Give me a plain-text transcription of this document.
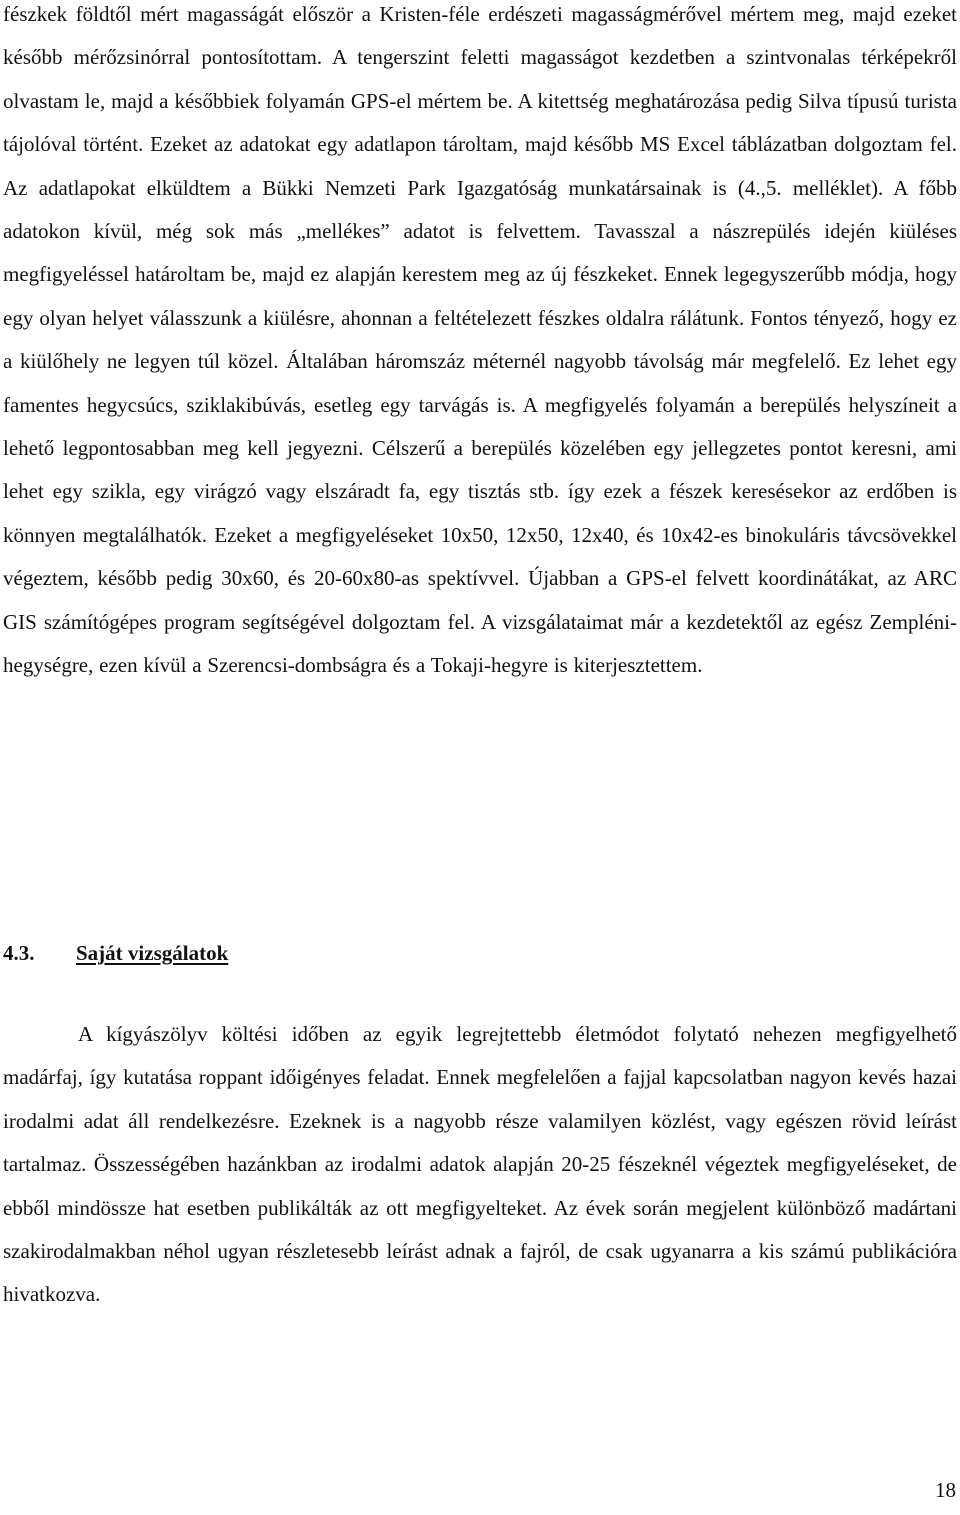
fészkek földtől mért magasságát először a Kristen-féle erdészeti magasságmérővel mértem meg, majd ezeket később mérőzsinórral pontosítottam. A tengerszint feletti magasságot kezdetben a szintvonalas térképekről olvastam le, majd a későbbiek folyamán GPS-el mértem be. A kitettség meghatározása pedig Silva típusú turista tájolóval történt. Ezeket az adatokat egy adatlapon tároltam, majd később MS Excel táblázatban dolgoztam fel. Az adatlapokat elküldtem a Bükki Nemzeti Park Igazgatóság munkatársainak is (4.,5. melléklet). A főbb adatokon kívül, még sok más „mellékes” adatot is felvettem. Tavasszal a nászrepülés idején kiüléses megfigyeléssel határoltam be, majd ez alapján kerestem meg az új fészkeket. Ennek legegyszerűbb módja, hogy egy olyan helyet válasszunk a kiülésre, ahonnan a feltételezett fészkes oldalra rálátunk. Fontos tényező, hogy ez a kiülőhely ne legyen túl közel. Általában háromszáz méternél nagyobb távolság már megfelelő. Ez lehet egy famentes hegycsúcs, sziklakibúvás, esetleg egy tarvágás is. A megfigyelés folyamán a berepülés helyszíneit a lehető legpontosabban meg kell jegyezni. Célszerű a berepülés közelében egy jellegzetes pontot keresni, ami lehet egy szikla, egy virágzó vagy elszáradt fa, egy tisztás stb. így ezek a fészek keresésekor az erdőben is könnyen megtalálhatók. Ezeket a megfigyeléseket 10x50, 12x50, 12x40, és 10x42-es binokuláris távcsövekkel végeztem, később pedig 30x60, és 20-60x80-as spektívvel. Újabban a GPS-el felvett koordinátákat, az ARC GIS számítógépes program segítségével dolgoztam fel. A vizsgálataimat már a kezdetektől az egész Zempléni-hegységre, ezen kívül a Szerencsi-dombságra és a Tokaji-hegyre is kiterjesztettem.

4.3. Saját vizsgálatok

A kígyászölyv költési időben az egyik legrejtettebb életmódot folytató nehezen megfigyelhető madárfaj, így kutatása roppant időigényes feladat. Ennek megfelelően a fajjal kapcsolatban nagyon kevés hazai irodalmi adat áll rendelkezésre. Ezeknek is a nagyobb része valamilyen közlést, vagy egészen rövid leírást tartalmaz. Összességében hazánkban az irodalmi adatok alapján 20-25 fészeknél végeztek megfigyeléseket, de ebből mindössze hat esetben publikálták az ott megfigyelteket. Az évek során megjelent különböző madártani szakirodalmakban néhol ugyan részletesebb leírást adnak a fajról, de csak ugyanarra a kis számú publikációra hivatkozva.

18
